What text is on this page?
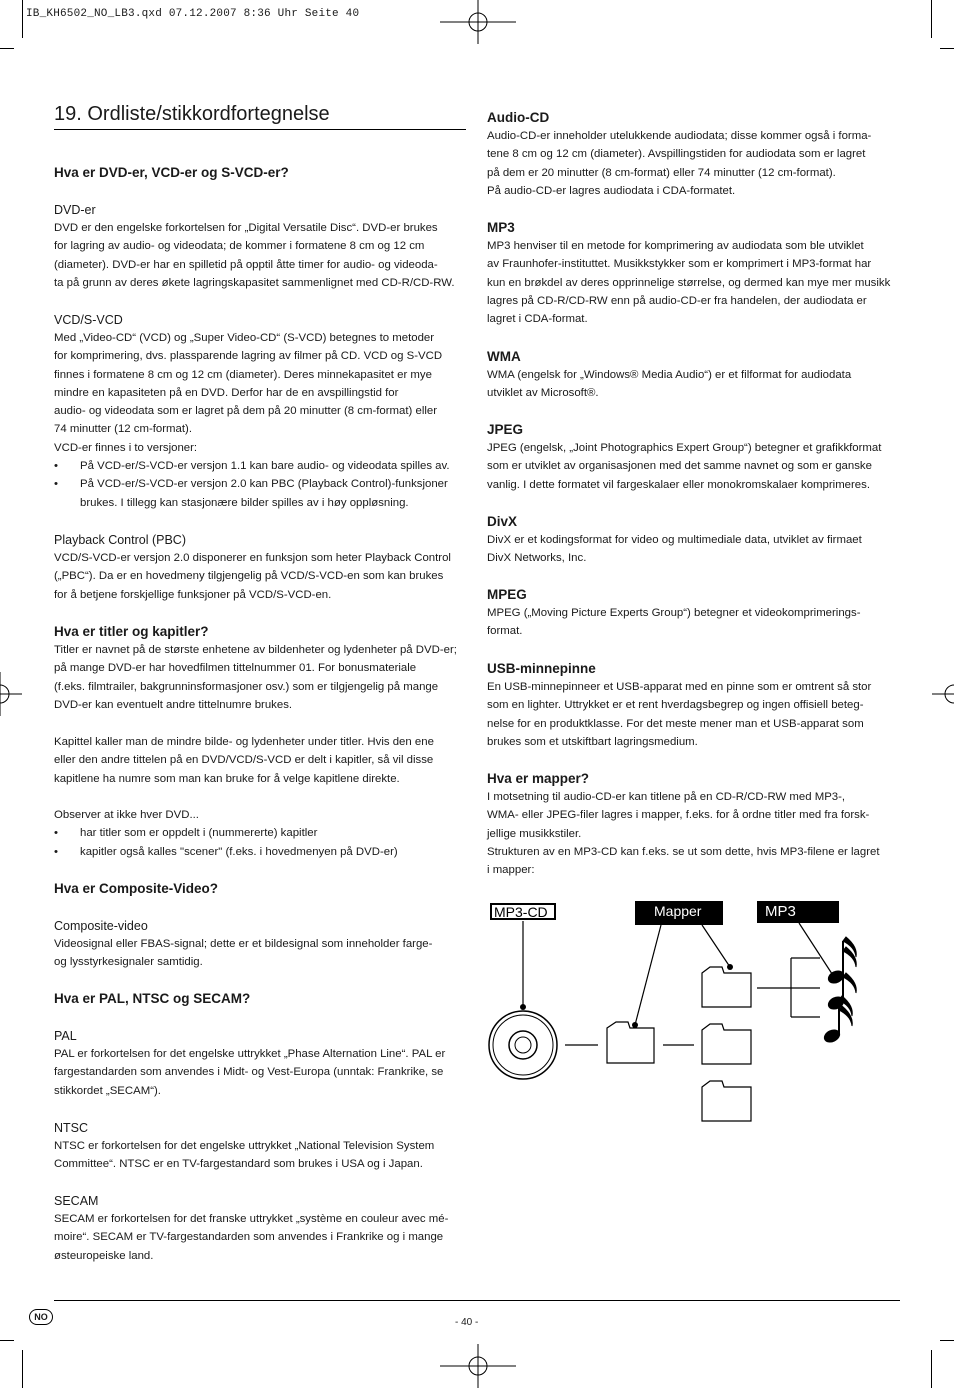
IB_KH6502_NO_LB3.qxd 07.12.2007 8:36 Uhr Seite 40
19. Ordliste/stikkordfortegnelse

Hva er DVD-er, VCD-er og S-VCD-er?

DVD-er

DVD er den engelske forkortelsen for „Digital Versatile Disc“. DVD-er brukes

for lagring av audio- og videodata; de kommer i formatene 8 cm og 12 cm

(diameter). DVD-er har en spilletid på opptil åtte timer for audio- og videoda-

ta på grunn av deres økete lagringskapasitet sammenlignet med CD-R/CD-RW.

VCD/S-VCD

Med „Video-CD“ (VCD) og „Super Video-CD“ (S-VCD) betegnes to metoder

for komprimering, dvs. plassparende lagring av filmer på CD. VCD og S-VCD

finnes i formatene 8 cm og 12 cm (diameter). Deres minnekapasitet er mye

mindre en kapasiteten på en DVD. Derfor har de en avspillingstid for

audio- og videodata som er lagret på dem på 20 minutter (8 cm-format) eller

74 minutter (12 cm-format).

VCD-er finnes i to versjoner:

• På VCD-er/S-VCD-er versjon 1.1 kan bare audio- og videodata spilles av.
• På VCD-er/S-VCD-er versjon 2.0 kan PBC (Playback Control)-funksjoner

brukes. I tillegg kan stasjonære bilder spilles av i høy oppløsning.

Playback Control (PBC)

VCD/S-VCD-er versjon 2.0 disponerer en funksjon som heter Playback Control

(„PBC“). Da er en hovedmeny tilgjengelig på VCD/S-VCD-en som kan brukes

for å betjene forskjellige funksjoner på VCD/S-VCD-en.

Hva er titler og kapitler?

Titler er navnet på de største enhetene av bildenheter og lydenheter på DVD-er;

på mange DVD-er har hovedfilmen tittelnummer 01. For bonusmateriale

(f.eks. filmtrailer, bakgrunninsformasjoner osv.) som er tilgjengelig på mange

DVD-er kan eventuelt andre tittelnumre brukes.

Kapittel kaller man de mindre bilde- og lydenheter under titler. Hvis den ene

eller den andre tittelen på en DVD/VCD/S-VCD er delt i kapitler, så vil disse

kapitlene ha numre som man kan bruke for å velge kapitlene direkte.

Observer at ikke hver DVD...

• har titler som er oppdelt i (nummererte) kapitler
• kapitler også kalles "scener" (f.eks. i hovedmenyen på DVD-er)

Hva er Composite-Video?

Composite-video

Videosignal eller FBAS-signal; dette er et bildesignal som inneholder farge-

og lysstyrkesignaler samtidig.

Hva er PAL, NTSC og SECAM?

PAL

PAL er forkortelsen for det engelske uttrykket „Phase Alternation Line“. PAL er

fargestandarden som anvendes i Midt- og Vest-Europa (unntak: Frankrike, se

stikkordet „SECAM“).

NTSC

NTSC er forkortelsen for det engelske uttrykket „National Television System

Committee“. NTSC er en TV-fargestandard som brukes i USA og i Japan.

SECAM

SECAM er forkortelsen for det franske uttrykket „système en couleur avec mé-

moire“. SECAM er TV-fargestandarden som anvendes i Frankrike og i mange

østeuropeiske land.

Audio-CD

Audio-CD-er inneholder utelukkende audiodata; disse kommer også i forma-

tene 8 cm og 12 cm (diameter). Avspillingstiden for audiodata som er lagret

på dem er 20 minutter (8 cm-format) eller 74 minutter (12 cm-format).

På audio-CD-er lagres audiodata i CDA-formatet.

MP3

MP3 henviser til en metode for komprimering av audiodata som ble utviklet

av Fraunhofer-instituttet. Musikkstykker som er komprimert i MP3-format har

kun en brøkdel av deres opprinnelige størrelse, og dermed kan mye mer musikk

lagres på CD-R/CD-RW enn på audio-CD-er fra handelen, der audiodata er

lagret i CDA-format.

WMA

WMA (engelsk for „Windows® Media Audio“) er et filformat for audiodata

utviklet av Microsoft®.

JPEG

JPEG (engelsk, „Joint Photographics Expert Group“) betegner et grafikkformat

som er utviklet av organisasjonen med det samme navnet og som er ganske

vanlig. I dette formatet vil fargeskalaer eller monokromskalaer komprimeres.

DivX

DivX er et kodingsformat for video og multimediale data, utviklet av firmaet

DivX Networks, Inc.

MPEG

MPEG („Moving Picture Experts Group“) betegner et videokomprimerings-

format.

USB-minnepinne

En USB-minnepinneer et USB-apparat med en pinne som er omtrent så stor

som en lighter. Uttrykket er et rent hverdagsbegrep og ingen offisiell beteg-

nelse for en produktklasse. For det meste mener man et USB-apparat som

brukes som et utskiftbart lagringsmedium.

Hva er mapper?

I motsetning til audio-CD-er kan titlene på en CD-R/CD-RW med MP3-,

WMA- eller JPEG-filer lagres i mapper, f.eks. for å ordne titler med fra forsk-

jellige musikkstiler.

Strukturen av en MP3-CD kan f.eks. se ut som dette, hvis MP3-filene er lagret

i mapper:

MP3-CD	Mapper	MP3
NO	- 40 -
